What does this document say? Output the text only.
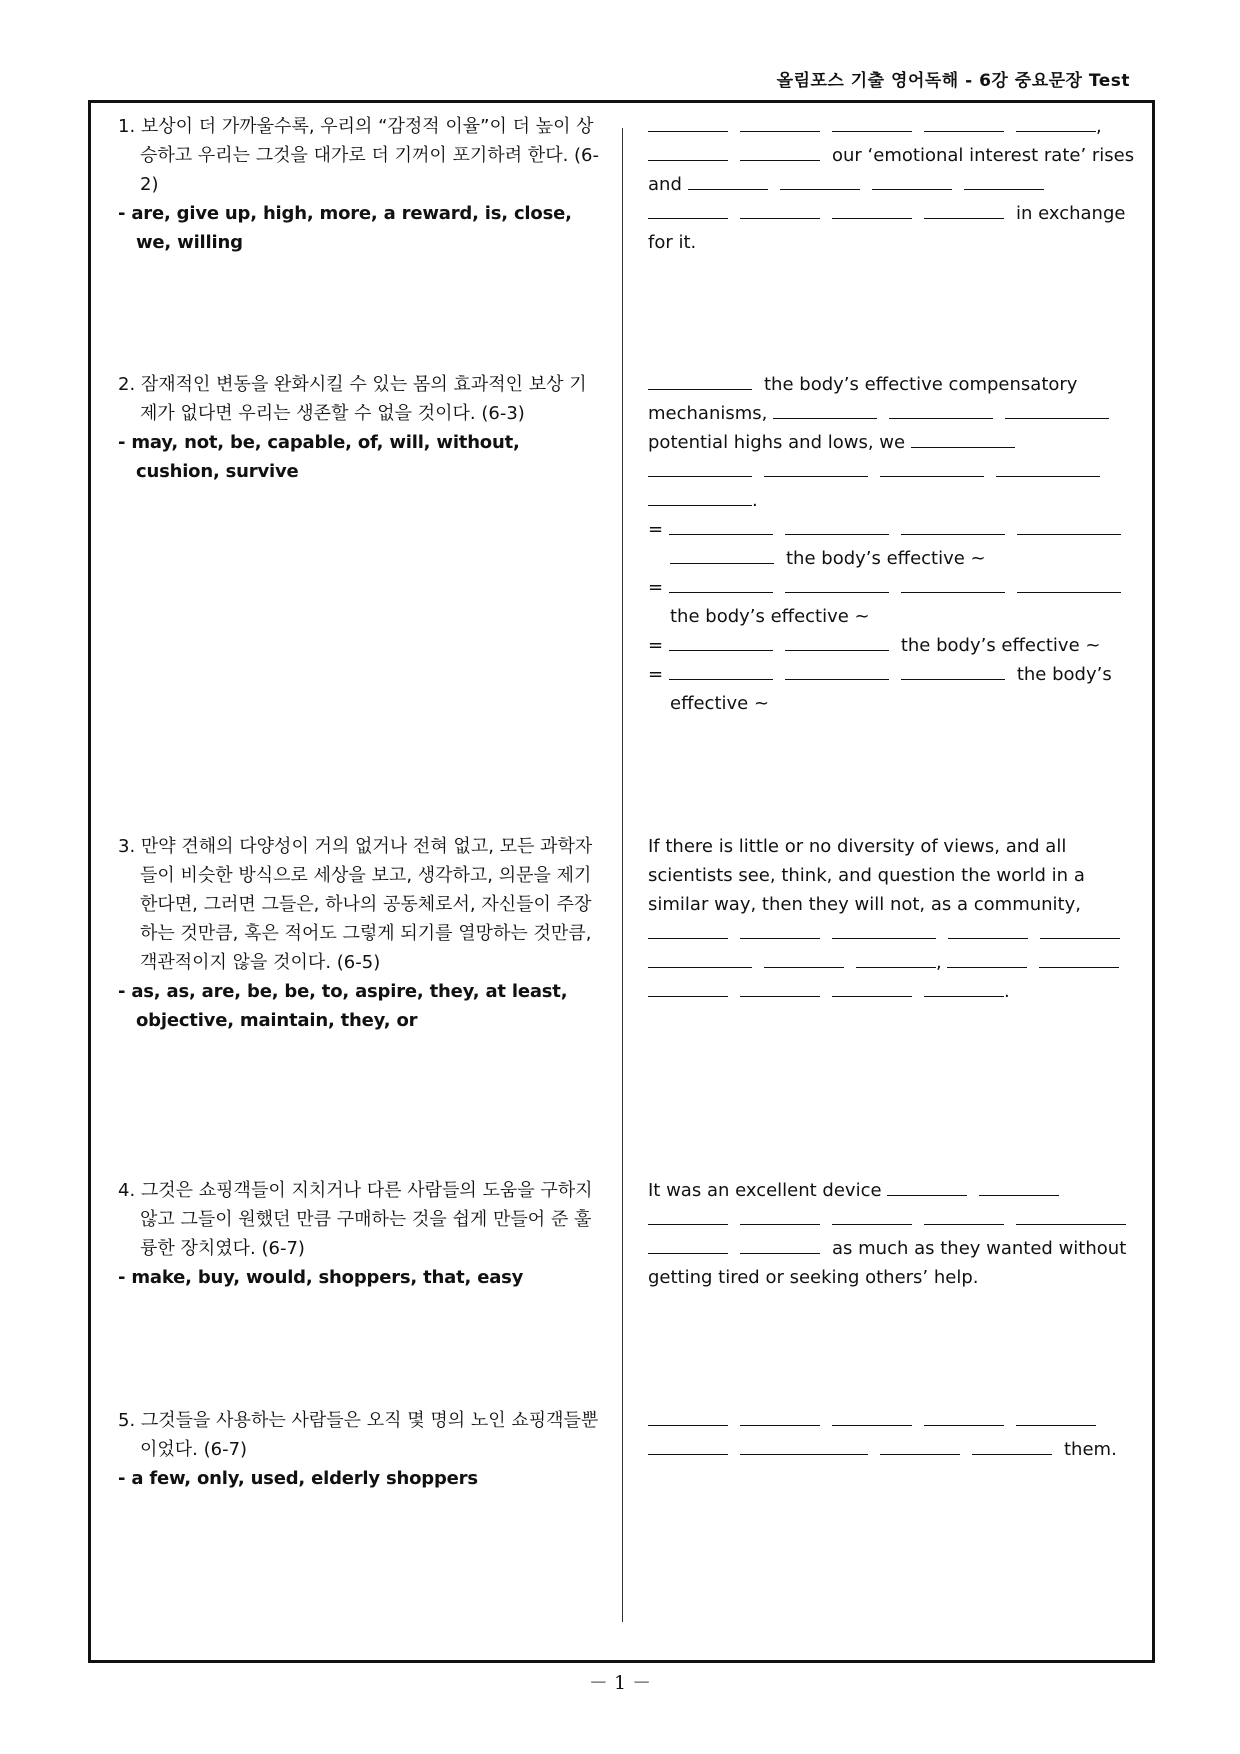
올림포스 기출 영어독해 - 6강 중요문장 Test
1. 보상이 더 가까울수록, 우리의 “감정적 이율”이 더 높이 상승하고 우리는 그것을 대가로 더 기꺼이 포기하려 한다. (6-2)
- are, give up, high, more, a reward, is, close, we, willing
,
our ‘emotional interest rate’ rises
and
in exchange
for it.
2. 잠재적인 변동을 완화시킬 수 있는 몸의 효과적인 보상 기제가 없다면 우리는 생존할 수 없을 것이다. (6-3)
- may, not, be, capable, of, will, without, cushion, survive
the body’s effective compensatory
mechanisms,
potential highs and lows, we
.
=
the body’s effective ~
=
the body’s effective ~
=	the body’s effective ~
=	the body’s
effective ~
3. 만약 견해의 다양성이 거의 없거나 전혀 없고, 모든 과학자들이 비슷한 방식으로 세상을 보고, 생각하고, 의문을 제기한다면, 그러면 그들은, 하나의 공동체로서, 자신들이 주장하는 것만큼, 혹은 적어도 그렇게 되기를 열망하는 것만큼, 객관적이지 않을 것이다. (6-5)
- as, as, are, be, be, to, aspire, they, at least, objective, maintain, they, or
If there is little or no diversity of views, and all
scientists see, think, and question the world in a
similar way, then they will not, as a community,
,
.
4. 그것은 쇼핑객들이 지치거나 다른 사람들의 도움을 구하지 않고 그들이 원했던 만큼 구매하는 것을 쉽게 만들어 준 훌륭한 장치였다. (6-7)
- make, buy, would, shoppers, that, easy
It was an excellent device
as much as they wanted without
getting tired or seeking others’ help.
5. 그것들을 사용하는 사람들은 오직 몇 명의 노인 쇼핑객들뿐이었다. (6-7)
- a few, only, used, elderly shoppers
them.
－ 1 －
